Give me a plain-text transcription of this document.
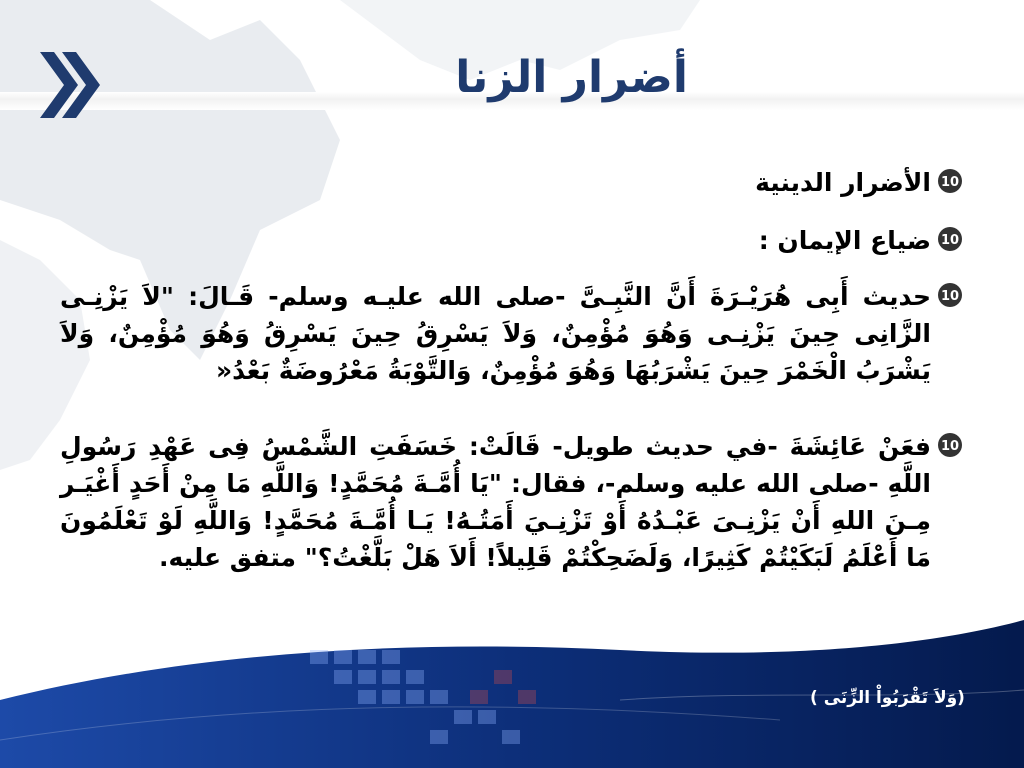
أضرار الزنا
10
الأضرار الدينية
10
ضياع الإيمان :
10
حديث أَبِى هُرَيْـرَةَ أَنَّ النَّبِـىَّ -صلى الله عليـه وسلم- قَـالَ: "لاَ يَزْنِـى الزَّانِى حِينَ يَزْنِـى وَهُوَ مُؤْمِنٌ، وَلاَ يَسْرِقُ حِينَ يَسْرِقُ وَهُوَ مُؤْمِنٌ، وَلاَ يَشْرَبُ الْخَمْرَ حِينَ يَشْرَبُهَا وَهُوَ مُؤْمِنٌ، وَالتَّوْبَةُ مَعْرُوضَةٌ بَعْدُ«
10
فعَنْ عَائِشَةَ -في حديث طويل- قَالَتْ: خَسَفَتِ الشَّمْسُ فِى عَهْدِ رَسُولِ اللَّهِ -صلى الله عليه وسلم-، فقال: "يَا أُمَّـةَ مُحَمَّدٍ! وَاللَّهِ مَا مِنْ أَحَدٍ أَغْيَـر مِـنَ اللهِ أَنْ يَزْنِـىَ عَبْـدُهُ أَوْ تَزْنِـيَ أَمَتُـهُ! يَـا أُمَّـةَ مُحَمَّدٍ! وَاللَّهِ لَوْ تَعْلَمُونَ مَا أَعْلَمُ لَبَكَيْتُمْ كَثِيرًا، وَلَضَحِكْتُمْ قَلِيلاً! أَلاَ هَلْ بَلَّغْتُ؟" متفق عليه.
(وَلاَ تَقْرَبُواْ الزِّنَى )
